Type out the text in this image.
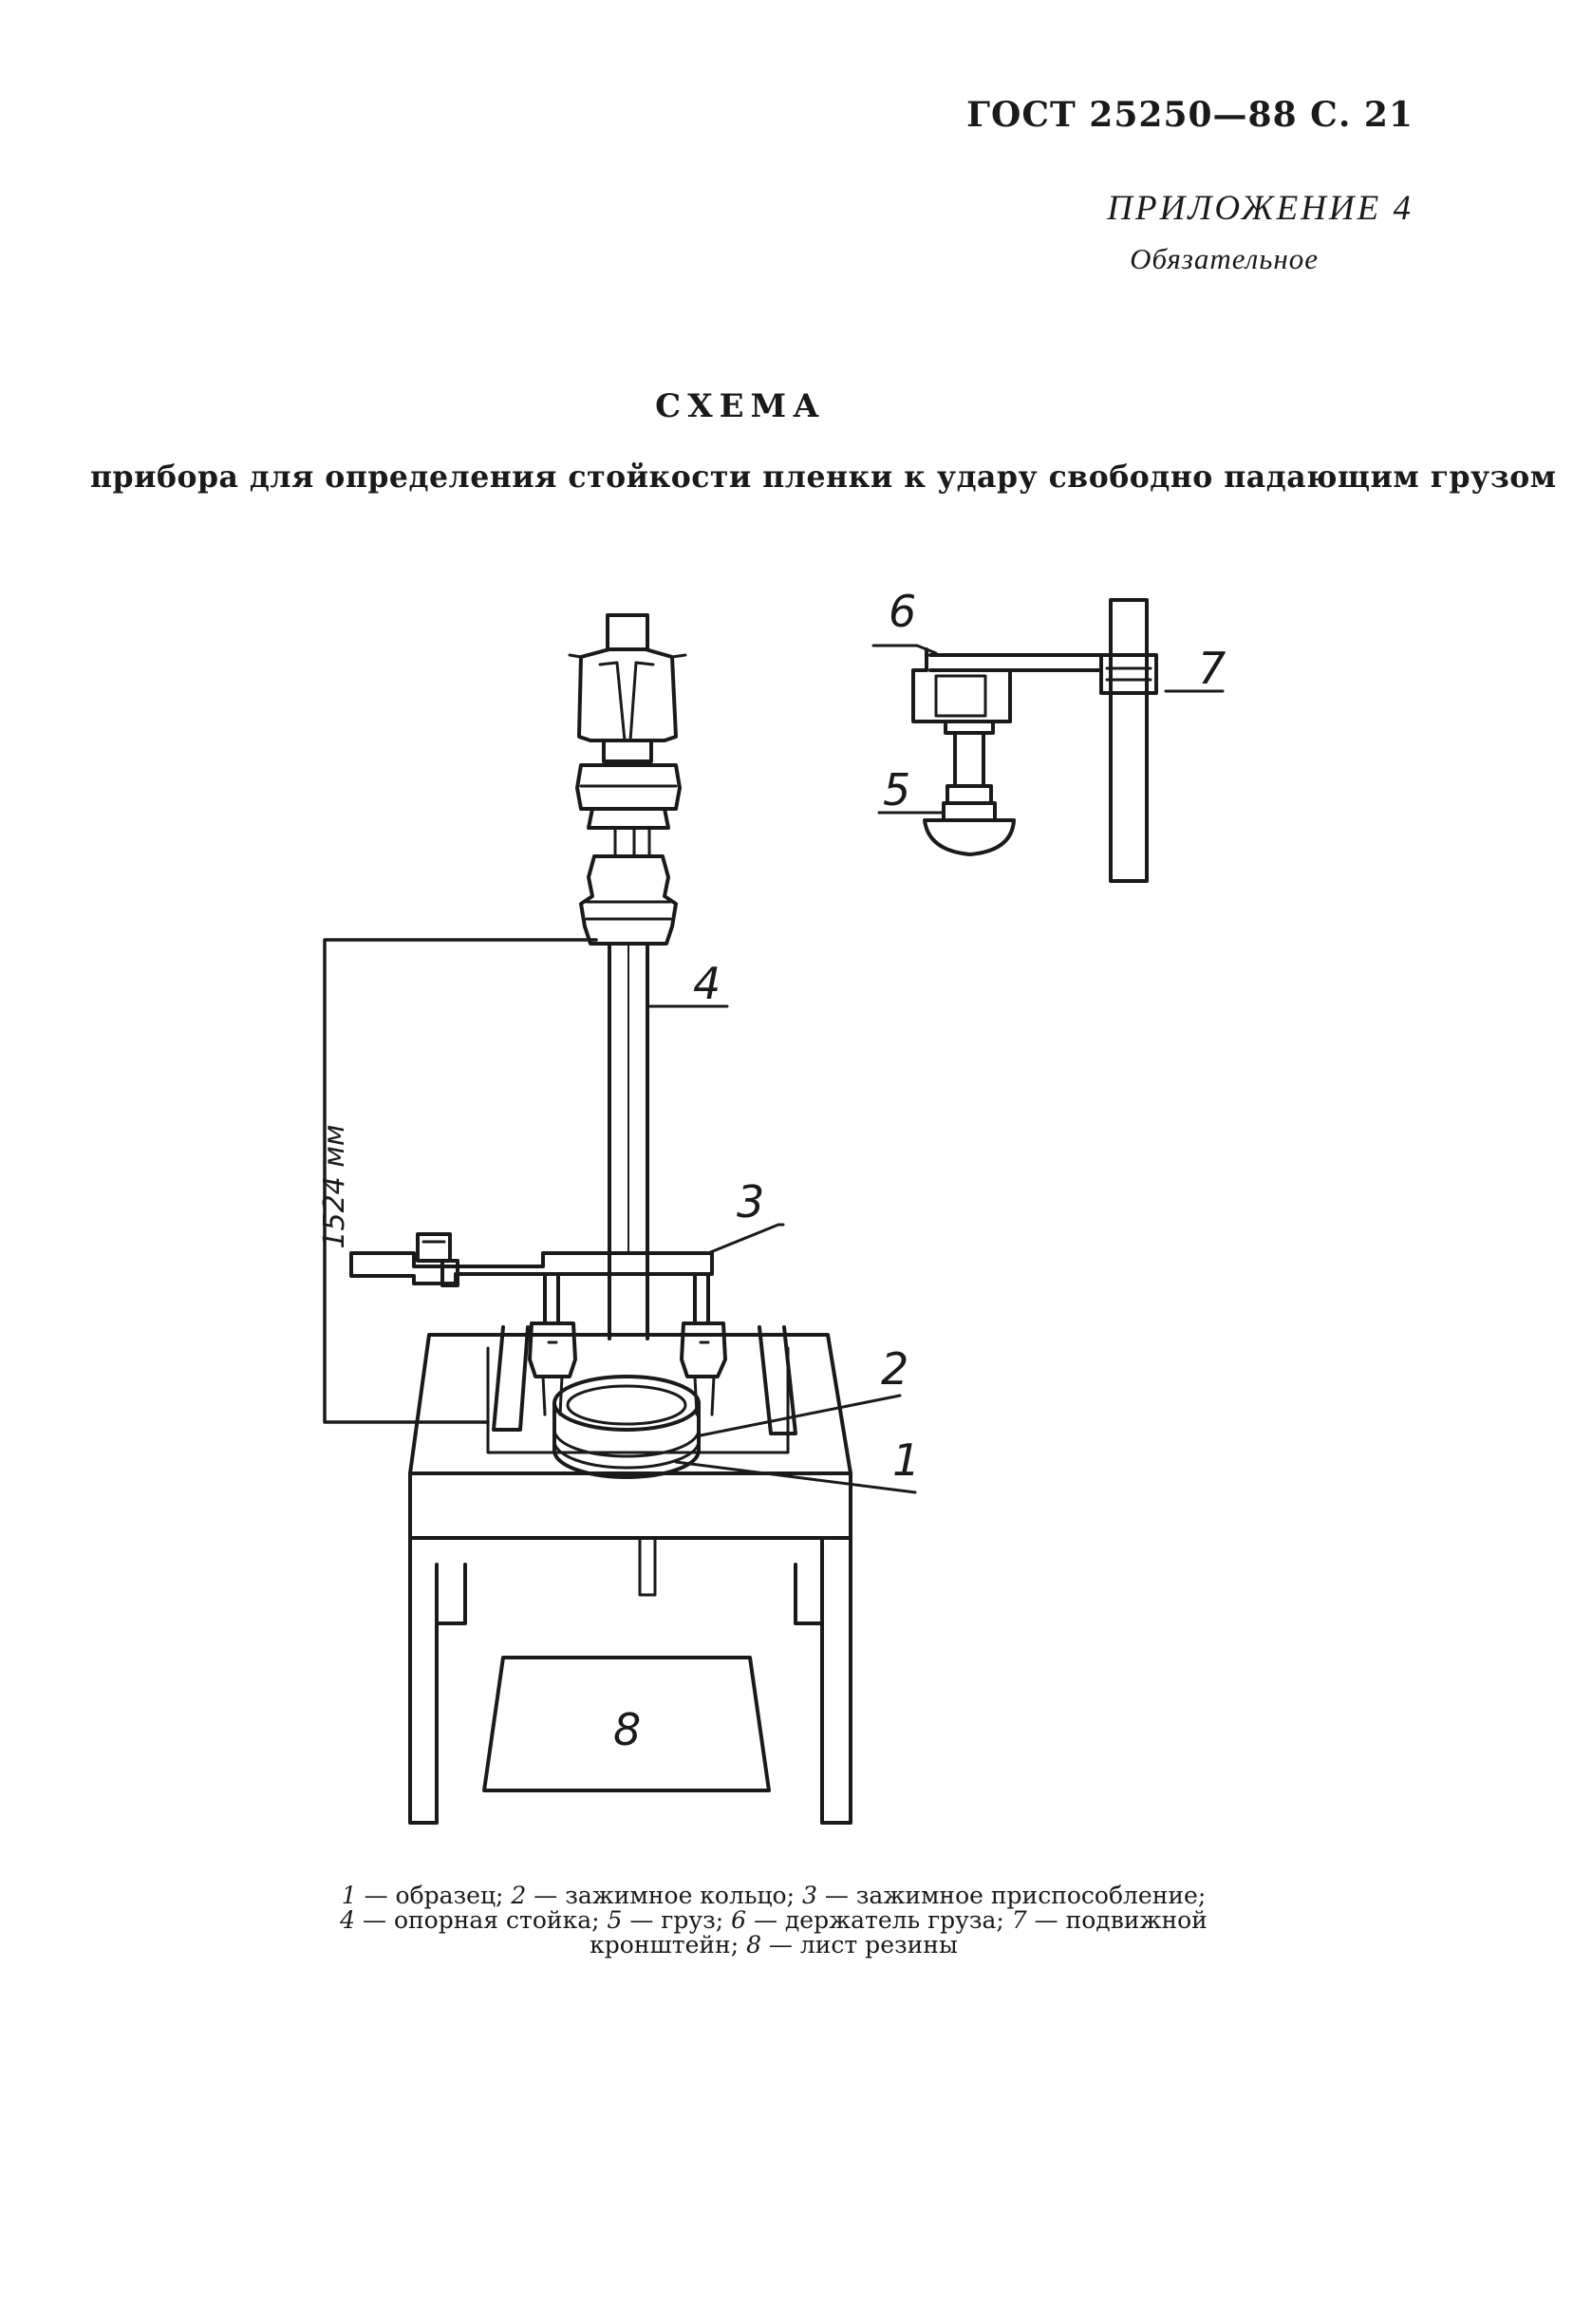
ГОСТ 25250—88 С. 21
ПРИЛОЖЕНИЕ 4
Обязательное
СХЕМА
прибора для определения стойкости пленки к удару свободно падающим грузом
1524 мм
6
7
5
4
3
2
1
8
1 — образец; 2 — зажимное кольцо; 3 — зажимное приспособление;
4 — опорная стойка; 5 — груз; 6 — держатель груза; 7 — подвижной
кронштейн; 8 — лист резины
